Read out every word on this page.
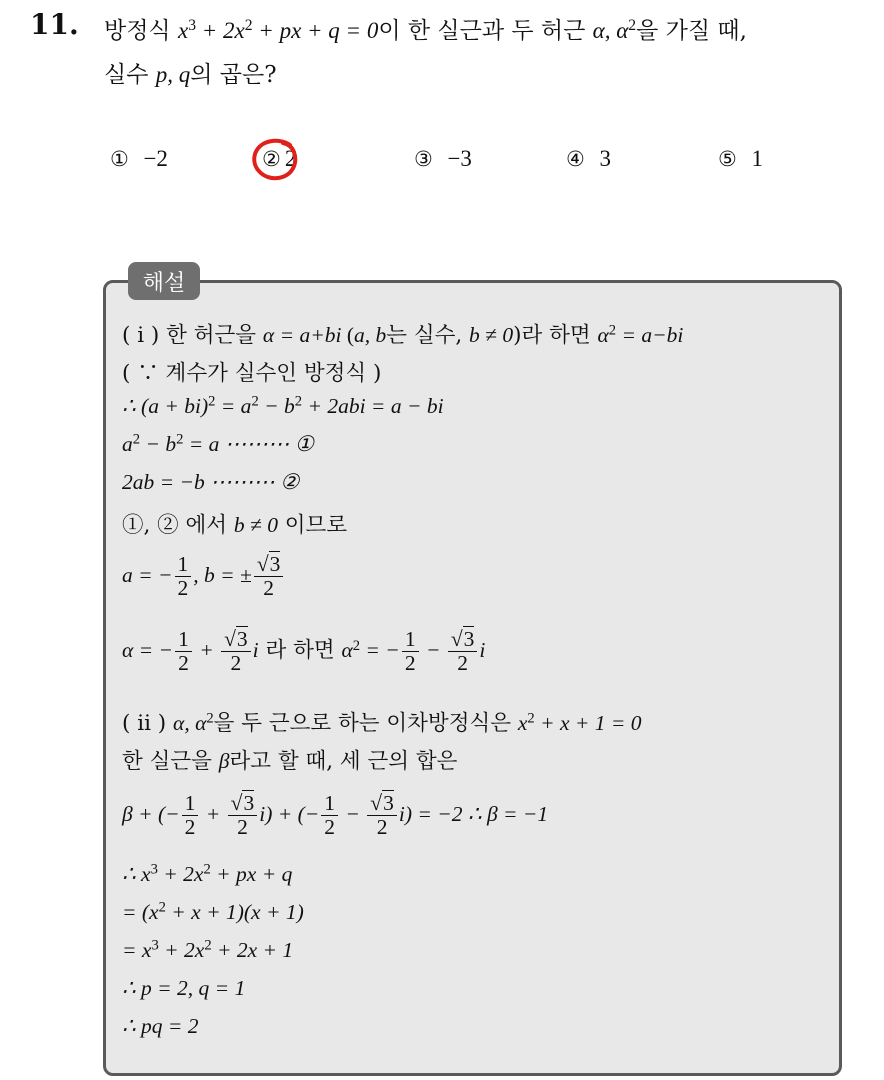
11. 방정식 $x^3 + 2x^2$ + px + q = 0이 한 실근과 두 허근 α, $\alpha^2$을 가질 때,
실수 p, q의 곱은?
① −2	② 2	③ −3	④ 3	⑤ 1
해설
( i ) 한 허근을 α = a+bi (a, b는 실수, b ≠ 0)라 하면 $\alpha^2 = a-bi$
( ∵ 계수가 실수인 방정식 )
∴ $(a + bi)^2 = a^2 - b^2 + 2abi = a$ − bi
$a^2 - b^2 = a$ ⋯⋯⋯ ①
2ab = −b ⋯⋯⋯ ②
①, ② 에서 b ≠ 0 이므로
a = − $\frac{1}{2}$ , b = ± $\frac{√3}{2}$
α = − $\frac{1}{2} + \frac{√3}{2}$ i 라 하면 $\alpha^2$ = − $\frac{1}{2} - \frac{√3}{2}$ i
( ii ) α, $\alpha^2$을 두 근으로 하는 이차방정식은 $x^2 + x + 1 = 0$
한 실근을 β라고 할 때, 세 근의 합은
β + (− $\frac{1}{2} + \frac{√3}{2} i$) + (− $\frac{1}{2} - \frac{√3}{2} i) = -2$ ∴ β = −1
∴ $x^3 + 2x^2$ + px + q
= $(x^2 + x + 1)(x + 1)$
= $x^3 + 2x^2 + 2x + 1$
∴ p = 2, q = 1
∴ pq = 2
